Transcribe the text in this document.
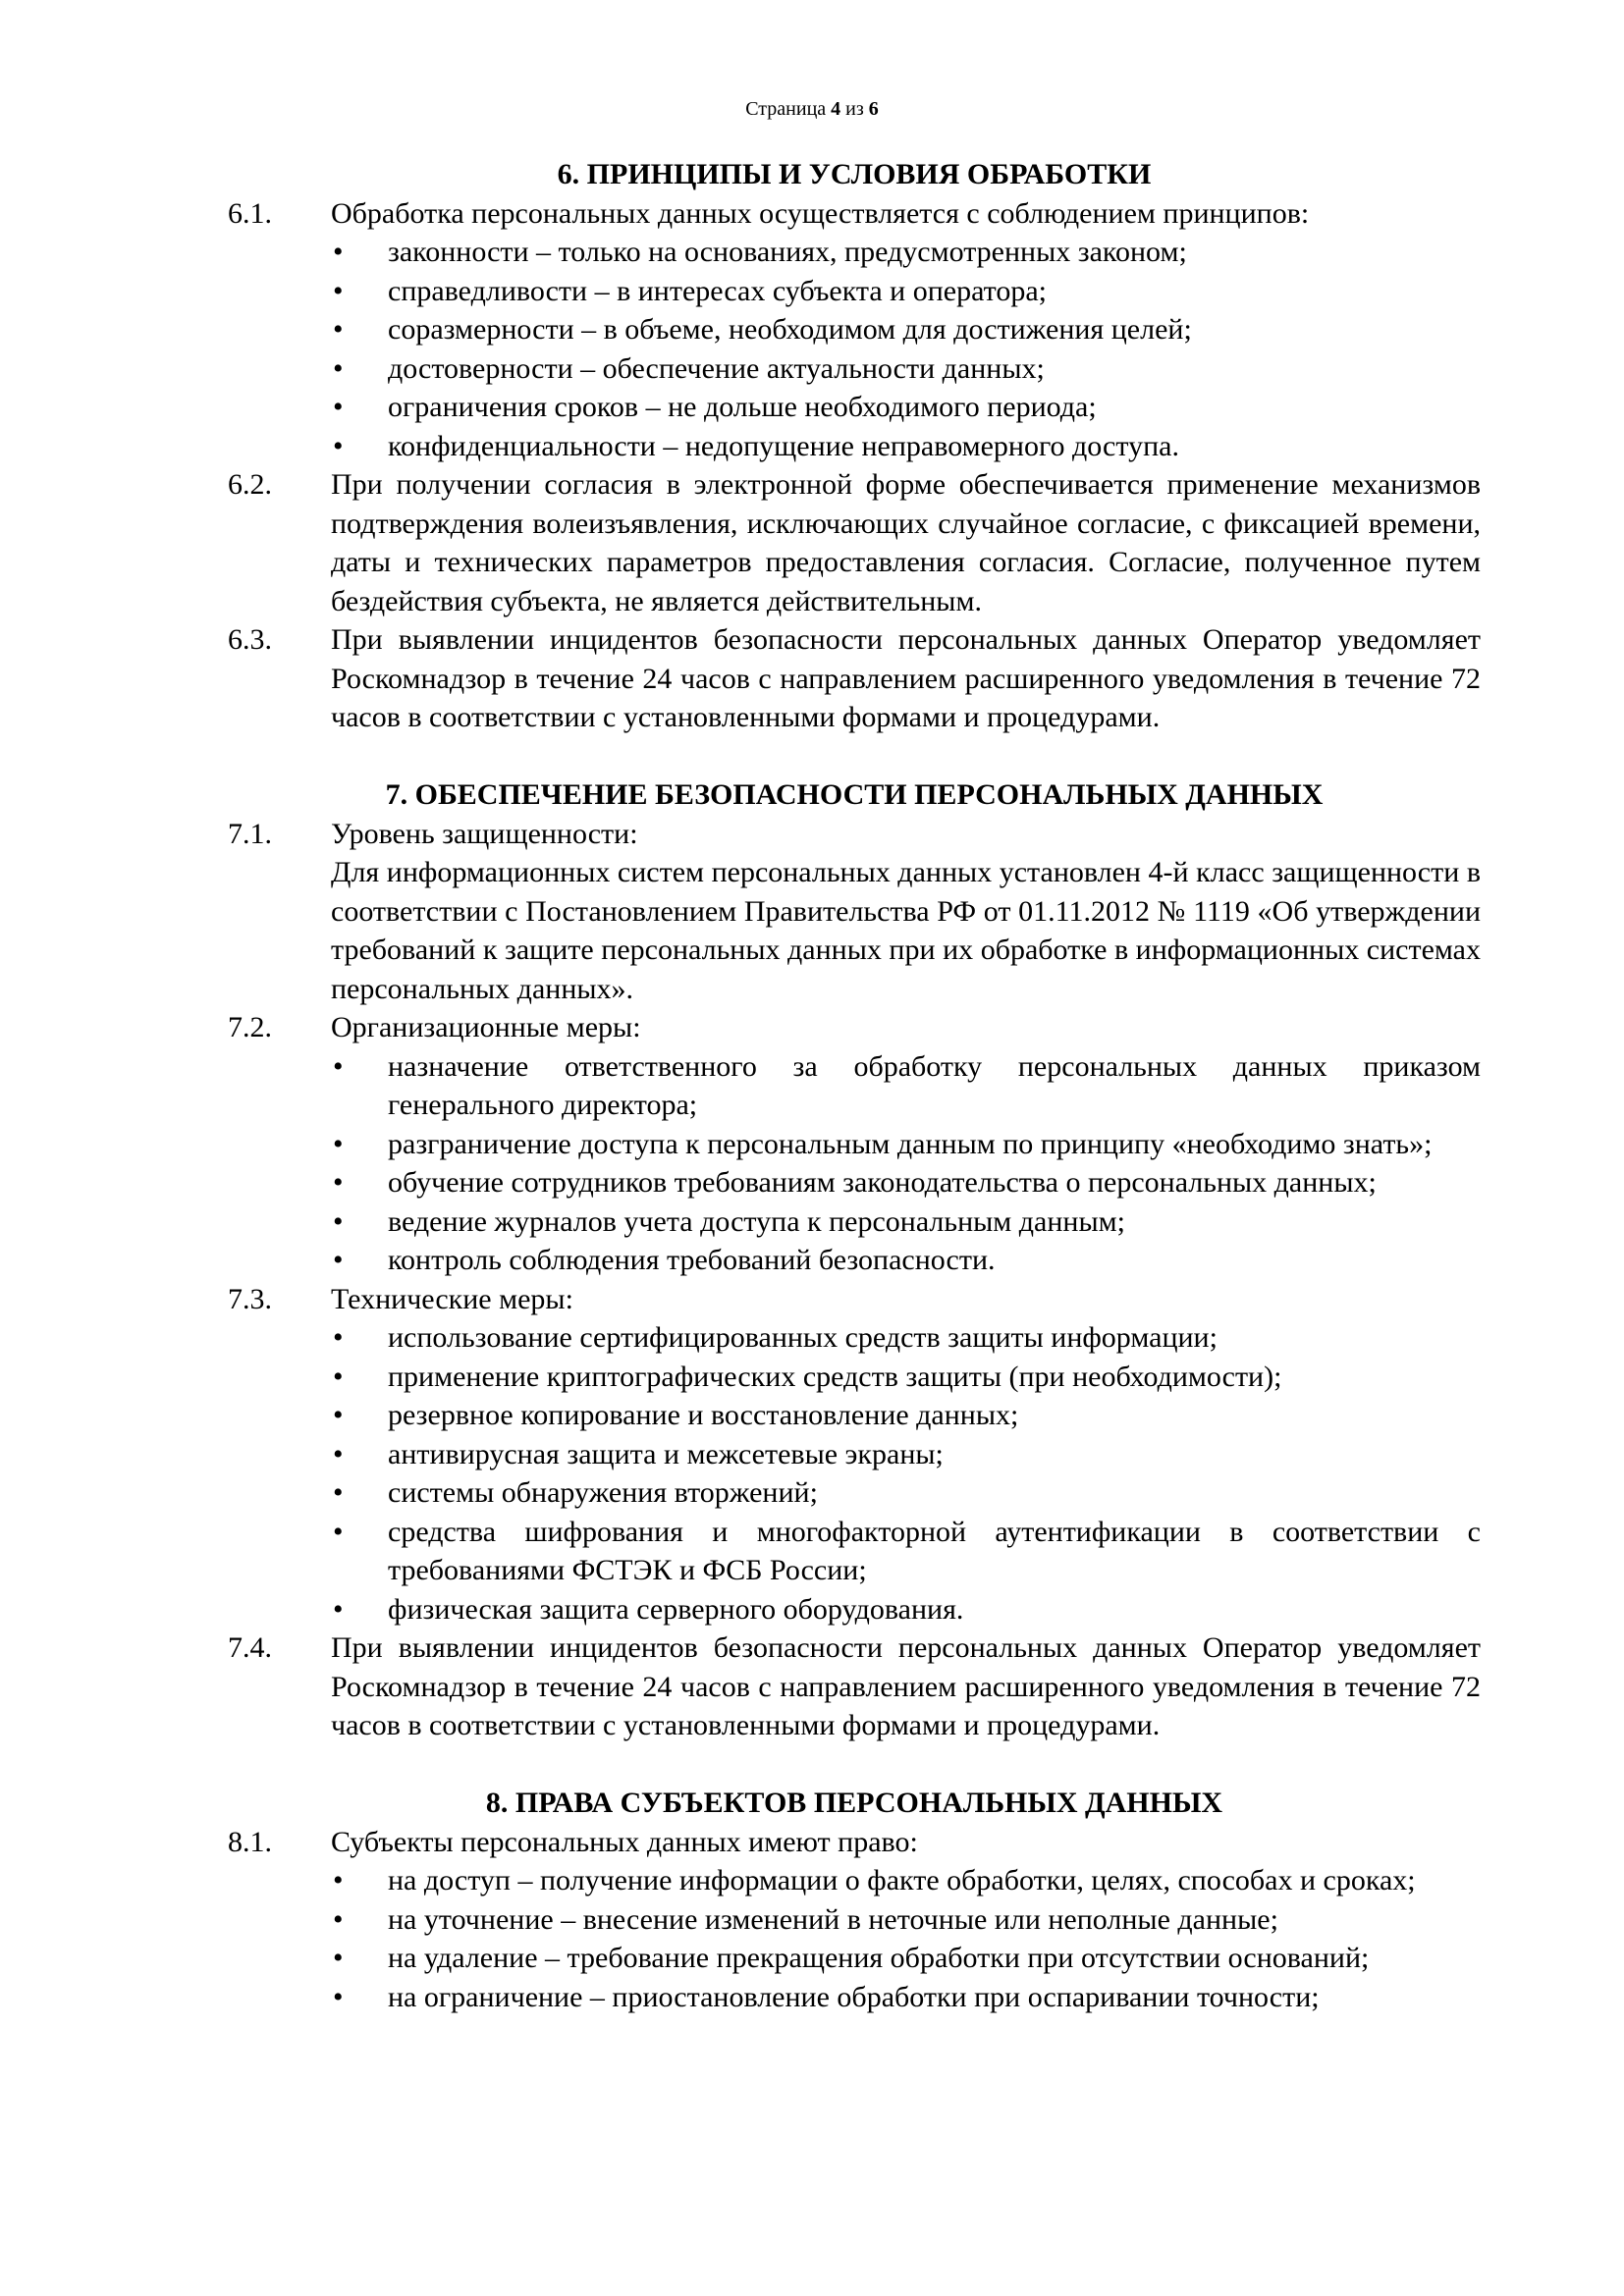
Страница 4 из 6
6. ПРИНЦИПЫ И УСЛОВИЯ ОБРАБОТКИ
6.1.	Обработка персональных данных осуществляется с соблюдением принципов:
• законности – только на основаниях, предусмотренных законом;
• справедливости – в интересах субъекта и оператора;
• соразмерности – в объеме, необходимом для достижения целей;
• достоверности – обеспечение актуальности данных;
• ограничения сроков – не дольше необходимого периода;
• конфиденциальности – недопущение неправомерного доступа.
6.2.	При получении согласия в электронной форме обеспечивается применение механизмов подтверждения волеизъявления, исключающих случайное согласие, с фиксацией времени, даты и технических параметров предоставления согласия. Согласие, полученное путем бездействия субъекта, не является действительным.
6.3.	При выявлении инцидентов безопасности персональных данных Оператор уведомляет Роскомнадзор в течение 24 часов с направлением расширенного уведомления в течение 72 часов в соответствии с установленными формами и процедурами.
7. ОБЕСПЕЧЕНИЕ БЕЗОПАСНОСТИ ПЕРСОНАЛЬНЫХ ДАННЫХ
7.1.	Уровень защищенности:
Для информационных систем персональных данных установлен 4-й класс защищенности в соответствии с Постановлением Правительства РФ от 01.11.2012 № 1119 «Об утверждении требований к защите персональных данных при их обработке в информационных системах персональных данных».
7.2.	Организационные меры:
• назначение ответственного за обработку персональных данных приказом генерального директора;
• разграничение доступа к персональным данным по принципу «необходимо знать»;
• обучение сотрудников требованиям законодательства о персональных данных;
• ведение журналов учета доступа к персональным данным;
• контроль соблюдения требований безопасности.
7.3.	Технические меры:
• использование сертифицированных средств защиты информации;
• применение криптографических средств защиты (при необходимости);
• резервное копирование и восстановление данных;
• антивирусная защита и межсетевые экраны;
• системы обнаружения вторжений;
• средства шифрования и многофакторной аутентификации в соответствии с требованиями ФСТЭК и ФСБ России;
• физическая защита серверного оборудования.
7.4.	При выявлении инцидентов безопасности персональных данных Оператор уведомляет Роскомнадзор в течение 24 часов с направлением расширенного уведомления в течение 72 часов в соответствии с установленными формами и процедурами.
8. ПРАВА СУБЪЕКТОВ ПЕРСОНАЛЬНЫХ ДАННЫХ
8.1.	Субъекты персональных данных имеют право:
• на доступ – получение информации о факте обработки, целях, способах и сроках;
• на уточнение – внесение изменений в неточные или неполные данные;
• на удаление – требование прекращения обработки при отсутствии оснований;
• на ограничение – приостановление обработки при оспаривании точности;
